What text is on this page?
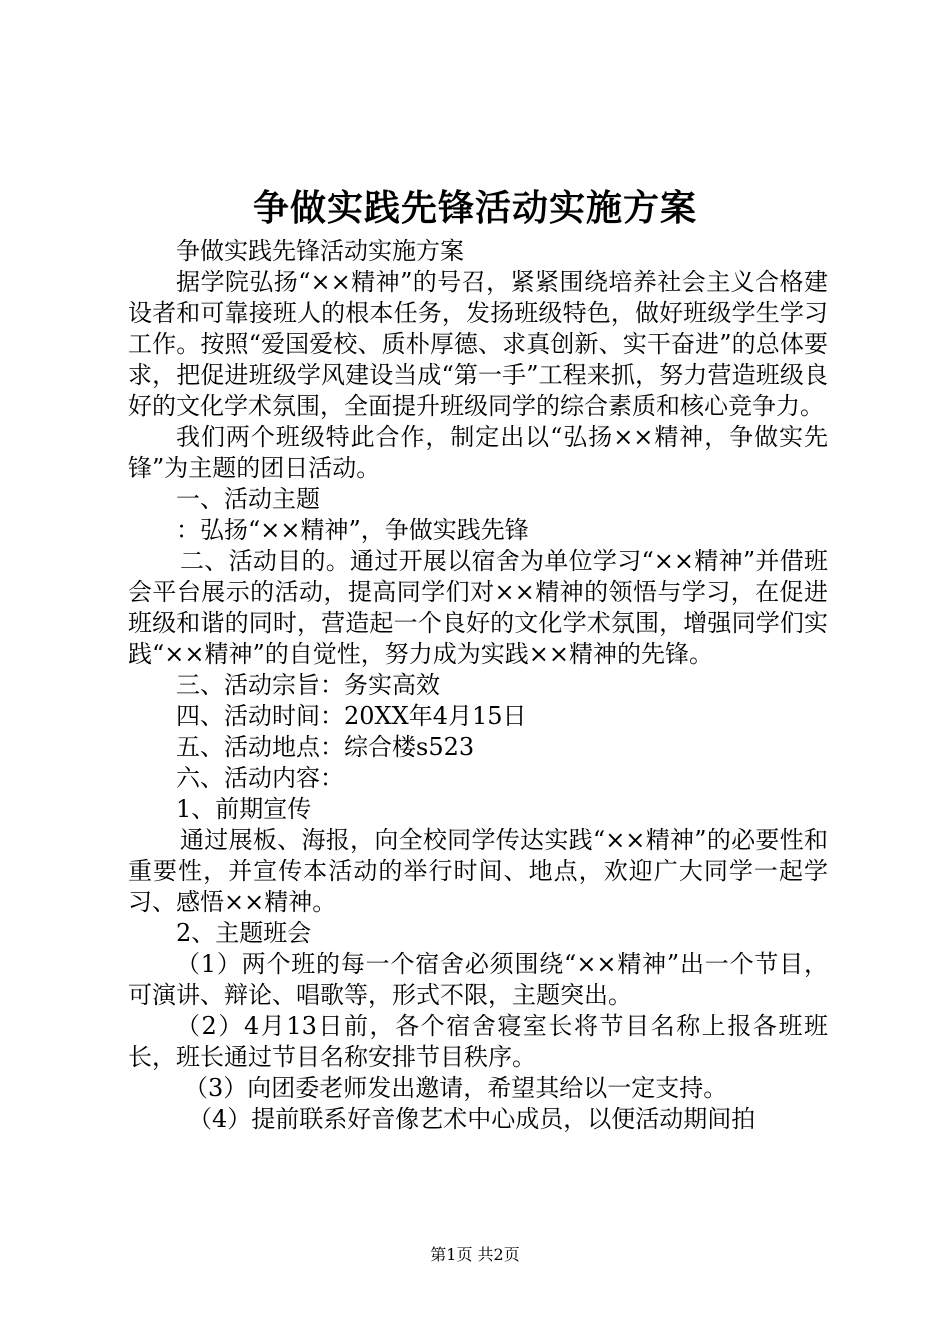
争做实践先锋活动实施方案

争做实践先锋活动实施方案

据学院弘扬“××精神”的号召，紧紧围绕培养社会主义合格建设者和可靠接班人的根本任务，发扬班级特色，做好班级学生学习工作。按照“爱国爱校、质朴厚德、求真创新、实干奋进”的总体要求，把促进班级学风建设当成“第一手”工程来抓，努力营造班级良好的文化学术氛围，全面提升班级同学的综合素质和核心竞争力。

我们两个班级特此合作，制定出以“弘扬××精神，争做实先锋”为主题的团日活动。

一、活动主题

：弘扬“××精神”，争做实践先锋

二、活动目的。通过开展以宿舍为单位学习“××精神”并借班会平台展示的活动，提高同学们对××精神的领悟与学习，在促进班级和谐的同时，营造起一个良好的文化学术氛围，增强同学们实践“××精神”的自觉性，努力成为实践××精神的先锋。

三、活动宗旨：务实高效

四、活动时间：20XX年4月15日

五、活动地点：综合楼s523

六、活动内容：

1、前期宣传

通过展板、海报，向全校同学传达实践“××精神”的必要性和重要性，并宣传本活动的举行时间、地点，欢迎广大同学一起学习、感悟××精神。

2、主题班会

（1）两个班的每一个宿舍必须围绕“××精神”出一个节目，可演讲、辩论、唱歌等，形式不限，主题突出。

（2）4月13日前，各个宿舍寝室长将节目名称上报各班班长，班长通过节目名称安排节目秩序。

（3）向团委老师发出邀请，希望其给以一定支持。

（4）提前联系好音像艺术中心成员，以便活动期间拍

第1页 共2页
